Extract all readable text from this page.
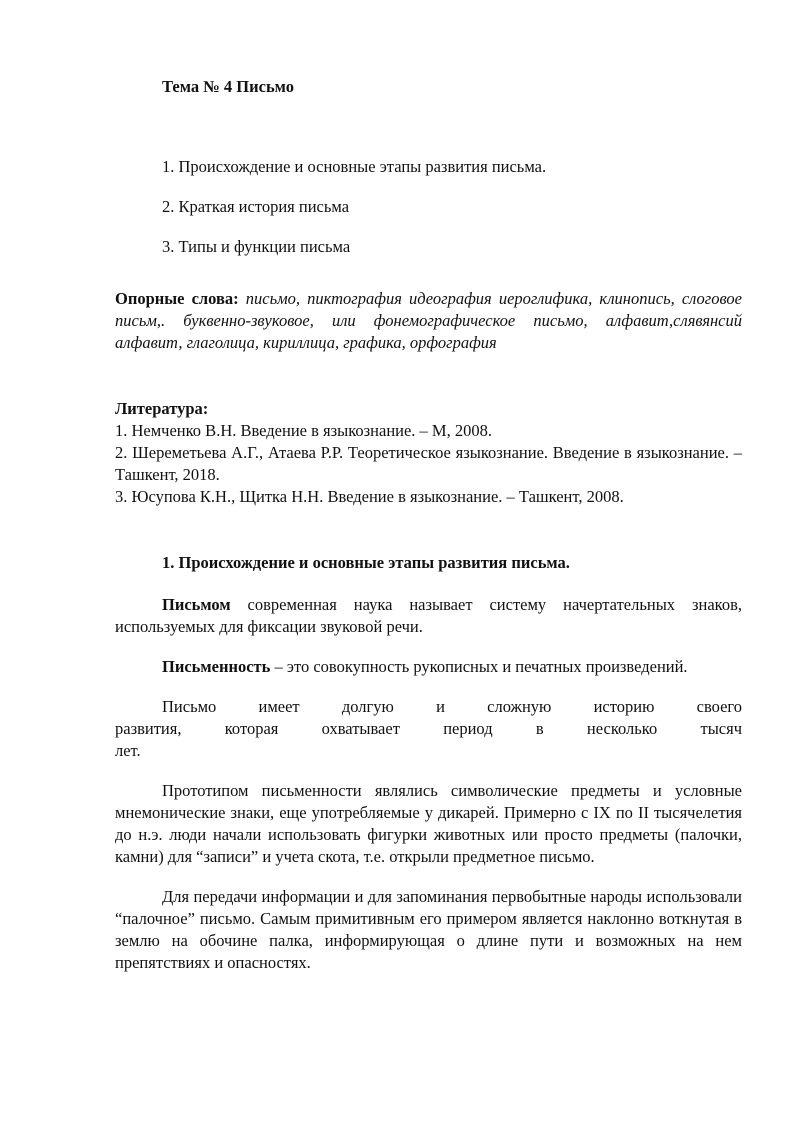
Тема № 4 Письмо
1. Происхождение и основные этапы развития письма.
2. Краткая история письма
3. Типы и функции письма
Опорные слова: письмо, пиктография идеография иероглифика, клинопись, слоговое письм,. буквенно-звуковое, или фонемографическое письмо, алфавит,слявянсий алфавит, глаголица, кириллица, графика, орфография
Литература:
1. Немченко В.Н. Введение в языкознание. – М, 2008.
2. Шереметьева А.Г., Атаева Р.Р. Теоретическое языкознание. Введение в языкознание. – Ташкент, 2018.
3. Юсупова К.Н., Щитка Н.Н. Введение в языкознание. – Ташкент, 2008.
1. Происхождение и основные этапы развития письма.

Письмом современная наука называет систему начертательных знаков, используемых для фиксации звуковой речи.

Письменность – это совокупность рукописных и печатных произведений.

Письмо имеет долгую и сложную историю своего
развития, которая охватывает период в несколько тысяч
лет.

Прототипом письменности являлись символические предметы и условные мнемонические знаки, еще употребляемые у дикарей. Примерно с IX по II тысячелетия до н.э. люди начали использовать фигурки животных или просто предметы (палочки, камни) для “записи” и учета скота, т.е. открыли предметное письмо.

Для передачи информации и для запоминания первобытные народы использовали “палочное” письмо. Самым примитивным его примером является наклонно воткнутая в землю на обочине палка, информирующая о длине пути и возможных на нем препятствиях и опасностях.
